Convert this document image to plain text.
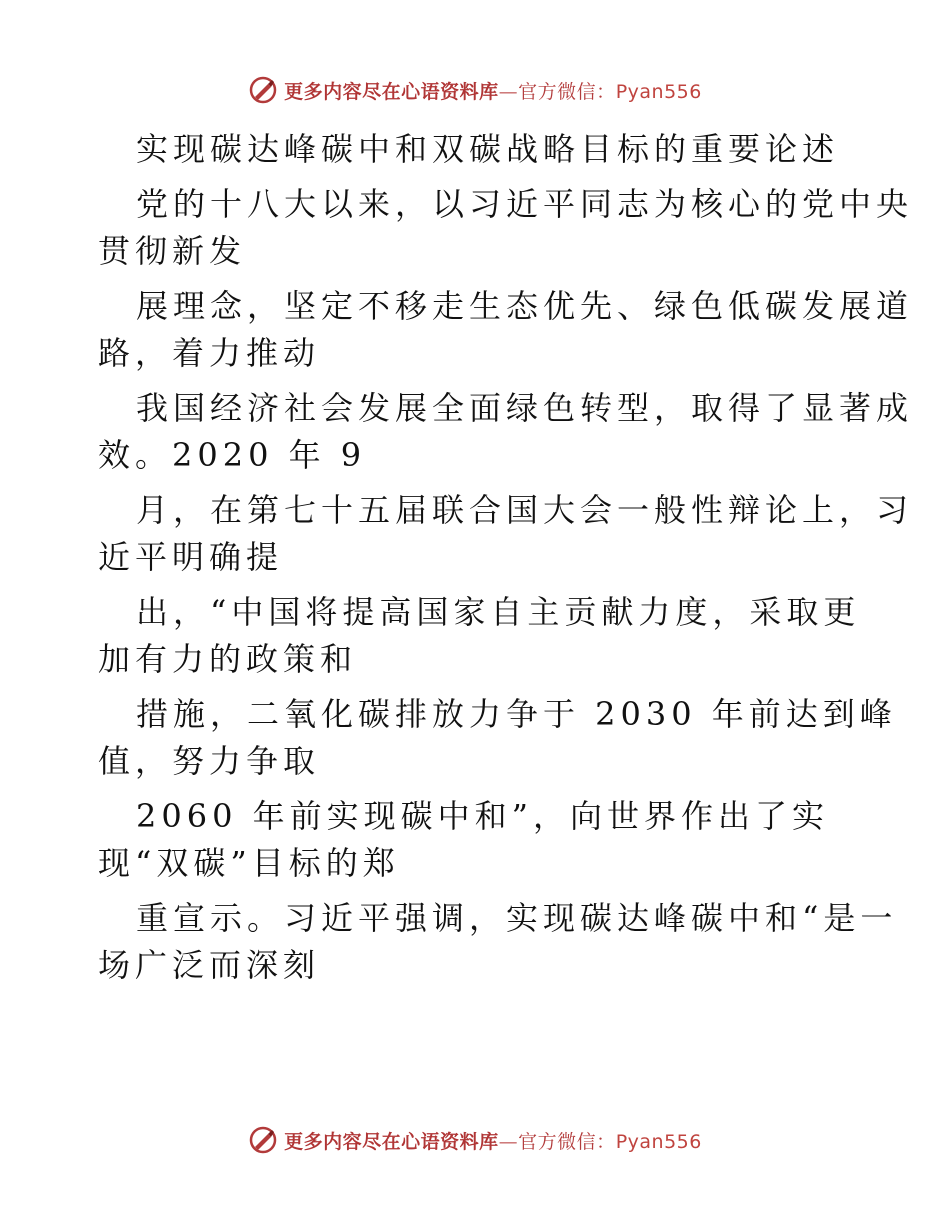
更多内容尽在心语资料库—官方微信：Pyan556

实现碳达峰碳中和双碳战略目标的重要论述

党的十八大以来，以习近平同志为核心的党中央

贯彻新发

展理念，坚定不移走生态优先、绿色低碳发展道

路，着力推动

我国经济社会发展全面绿色转型，取得了显著成

效。2020 年 9

月，在第七十五届联合国大会一般性辩论上，习

近平明确提

出，“中国将提高国家自主贡献力度，采取更

加有力的政策和

措施，二氧化碳排放力争于 2030 年前达到峰

值，努力争取

2060 年前实现碳中和”，向世界作出了实

现“双碳”目标的郑

重宣示。习近平强调，实现碳达峰碳中和“是一

场广泛而深刻

更多内容尽在心语资料库—官方微信：Pyan556
